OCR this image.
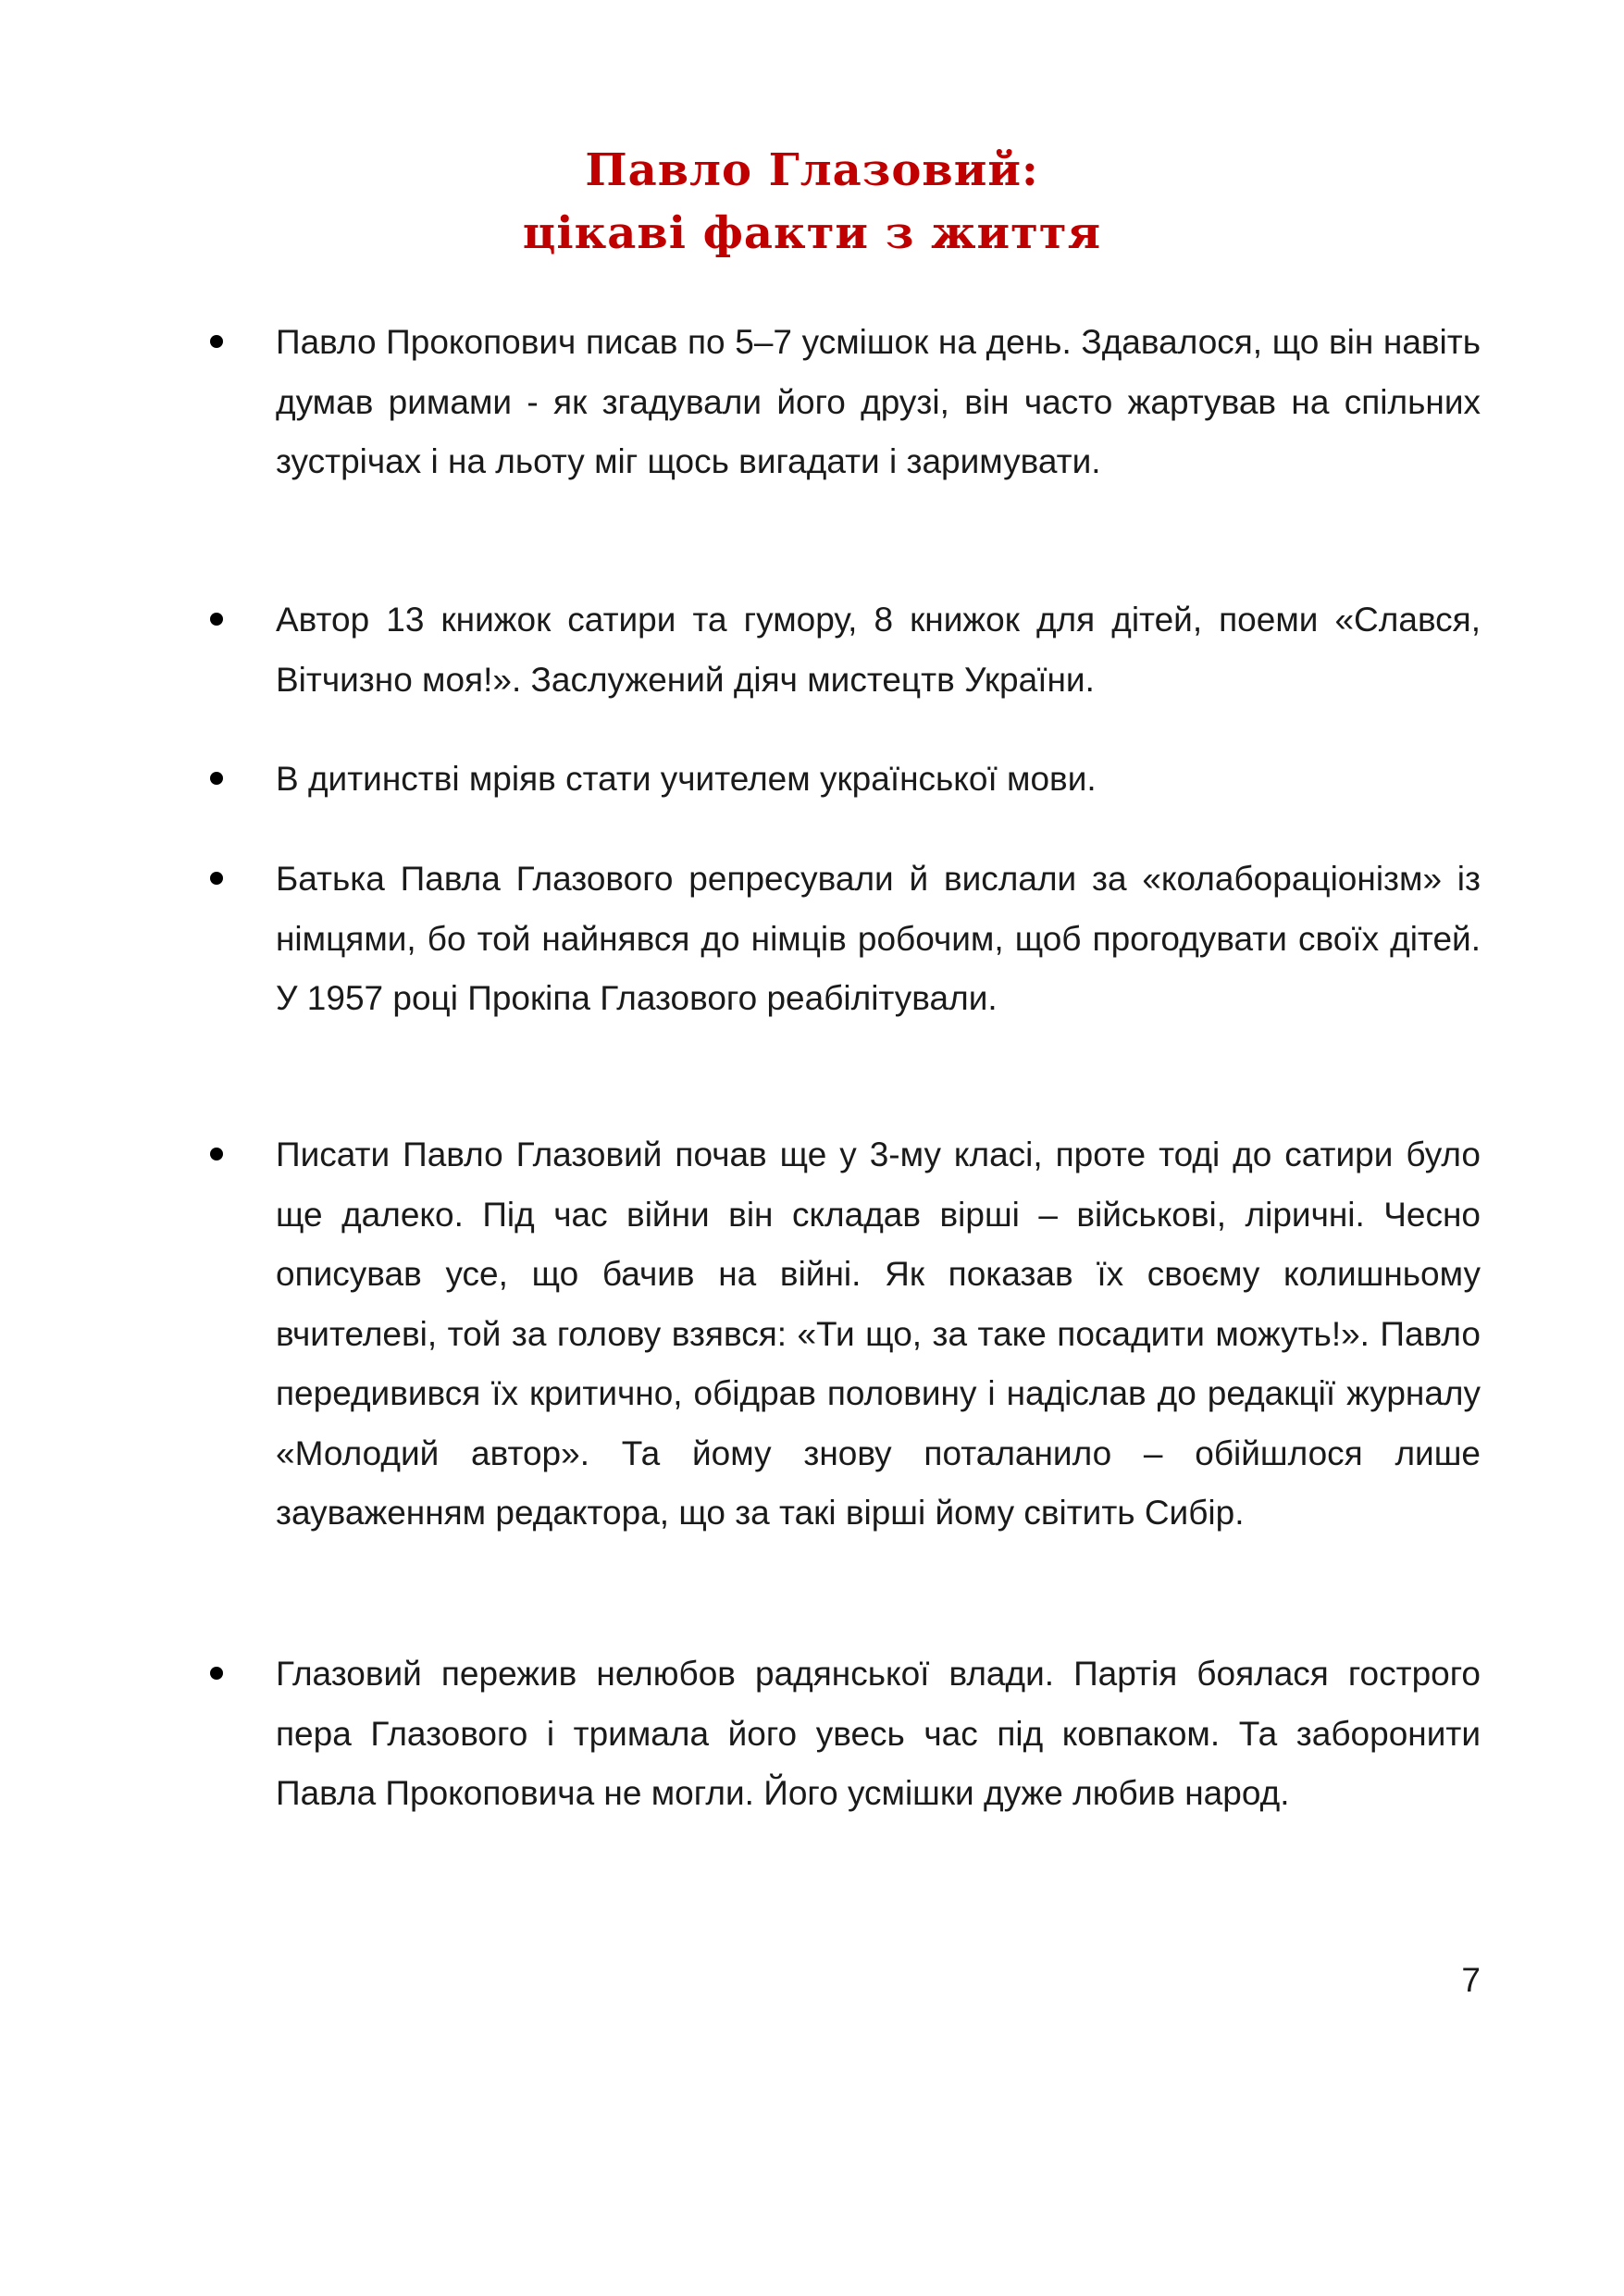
Павло Глазовий:
цікаві факти з життя
Павло Прокопович писав по 5–7 усмішок на день. Здавалося, що він навіть думав римами - як згадували його друзі, він часто жартував на спільних зустрічах і на льоту міг щось вигадати і заримувати.
Автор 13 книжок сатири та гумору, 8 книжок для дітей, поеми «Слався, Вітчизно моя!». Заслужений діяч мистецтв України.
В дитинстві мріяв стати учителем української мови.
Батька Павла Глазового репресували й вислали за «колабораціонізм» із німцями, бо той найнявся до німців робочим, щоб прогодувати своїх дітей. У 1957 році Прокіпа Глазового реабілітували.
Писати Павло Глазовий почав ще у 3-му класі, проте тоді до сатири було ще далеко. Під час війни він складав вірші – військові, ліричні. Чесно описував усе, що бачив на війні. Як показав їх своєму колишньому вчителеві, той за голову взявся: «Ти що, за таке посадити можуть!». Павло передивився їх критично, обідрав половину і надіслав до редакції журналу «Молодий автор». Та йому знову поталанило – обійшлося лише зауваженням редактора, що за такі вірші йому світить Сибір.
Глазовий пережив нелюбов радянської влади. Партія боялася гострого пера Глазового і тримала його увесь час під ковпаком. Та заборонити Павла Прокоповича не могли. Його усмішки дуже любив народ.
7
